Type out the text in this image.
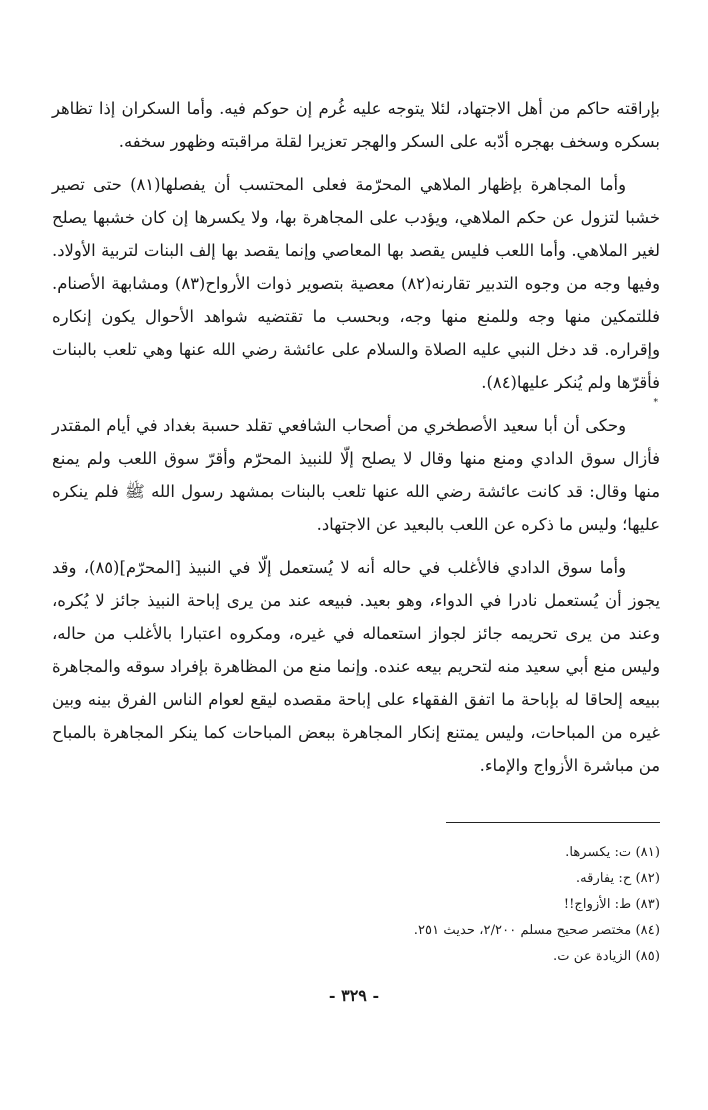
بإراقته حاكم من أهل الاجتهاد، لئلا يتوجه عليه غُرم إن حوكم فيه. وأما السكران إذا تظاهر بسكره وسخف بهجره أدّبه على السكر والهجر تعزيرا لقلة مراقبته وظهور سخفه.

وأما المجاهرة بإظهار الملاهي المحرّمة فعلى المحتسب أن يفصلها(٨١) حتى تصير خشبا لتزول عن حكم الملاهي، ويؤدب على المجاهرة بها، ولا يكسرها إن كان خشبها يصلح لغير الملاهي. وأما اللعب فليس يقصد بها المعاصي وإنما يقصد بها إلف البنات لتربية الأولاد. وفيها وجه من وجوه التدبير تقارنه(٨٢) معصية بتصوير ذوات الأرواح(٨٣) ومشابهة الأصنام. فللتمكين منها وجه وللمنع منها وجه، وبحسب ما تقتضيه شواهد الأحوال يكون إنكاره وإقراره. قد دخل النبي عليه الصلاة والسلام على عائشة رضي الله عنها وهي تلعب بالبنات فأقرّها ولم يُنكر عليها(٨٤).

وحكى أن أبا سعيد الأصطخري من أصحاب الشافعي تقلد حسبة بغداد في أيام المقتدر فأزال سوق الدادي ومنع منها وقال لا يصلح إلّا للنبيذ المحرّم وأقرّ سوق اللعب ولم يمنع منها وقال: قد كانت عائشة رضي الله عنها تلعب بالبنات بمشهد رسول الله ﷺ فلم ينكره عليها؛ وليس ما ذكره عن اللعب بالبعيد عن الاجتهاد.

وأما سوق الدادي فالأغلب في حاله أنه لا يُستعمل إلّا في النبيذ [المحرّم](٨٥)، وقد يجوز أن يُستعمل نادرا في الدواء، وهو بعيد. فبيعه عند من يرى إباحة النبيذ جائز لا يُكره، وعند من يرى تحريمه جائز لجواز استعماله في غيره، ومكروه اعتبارا بالأغلب من حاله، وليس منع أبي سعيد منه لتحريم بيعه عنده. وإنما منع من المظاهرة بإفراد سوقه والمجاهرة ببيعه إلحاقا له بإباحة ما اتفق الفقهاء على إباحة مقصده ليقع لعوام الناس الفرق بينه وبين غيره من المباحات، وليس يمتنع إنكار المجاهرة ببعض المباحات كما ينكر المجاهرة بالمباح من مباشرة الأزواج والإماء.

*
(٨١) ت: يكسرها.
(٨٢) ح: يفارقه.
(٨٣) ط: الأزواج!!
(٨٤) مختصر صحيح مسلم ٢/٢٠٠، حديث ٢٥١.
(٨٥) الزيادة عن ت.
- ٣٢٩ -
